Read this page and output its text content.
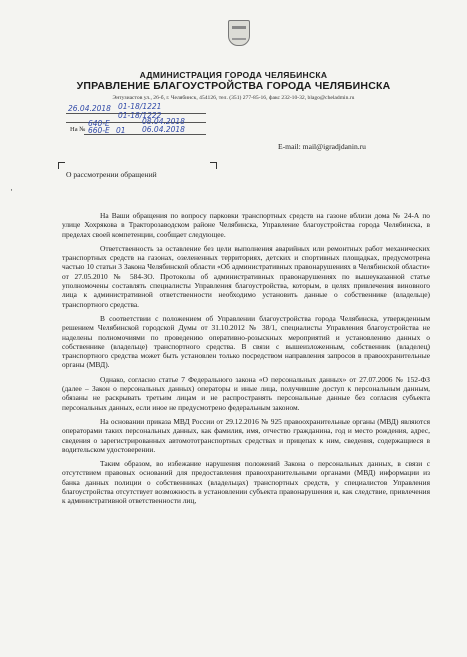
АДМИНИСТРАЦИЯ ГОРОДА ЧЕЛЯБИНСКА
УПРАВЛЕНИЕ БЛАГОУСТРОЙСТВА ГОРОДА ЧЕЛЯБИНСКА
Энтузиастов ул., 26-б, г. Челябинск, 454126, тел. (351) 277-85-16, факс 232-10-32, blago@cheladmin.ru
26.04.2018 01-18/1221
01-18/1222
640-Е	08.04.2018
На № 660-Е 01 06.04.2018
E-mail: mail@igradjdanin.ru
О рассмотрении обращений
·

На Ваши обращения по вопросу парковки транспортных средств на газоне вблизи дома № 24-А по улице Хохрякова в Тракторозаводском районе Челябинска, Управление благоустройства города Челябинска, в пределах своей компетенции, сообщает следующее.

Ответственность за оставление без цели выполнения аварийных или ремонтных работ механических транспортных средств на газонах, озелененных территориях, детских и спортивных площадках, предусмотрена частью 10 статьи 3 Закона Челябинской области «Об административных правонарушениях в Челябинской области» от 27.05.2010 № 584-ЗО. Протоколы об административных правонарушениях по вышеуказанной статье уполномочены составлять специалисты Управления благоустройства, которым, в целях привлечения виновного лица к административной ответственности необходимо установить данные о собственнике (владельце) транспортного средства.

В соответствии с положением об Управлении благоустройства города Челябинска, утвержденным решением Челябинской городской Думы от 31.10.2012 № 38/1, специалисты Управления благоустройства не наделены полномочиями по проведению оперативно-розыскных мероприятий и установлению данных о собственнике (владельце) транспортного средства. В связи с вышеизложенным, собственник (владелец) транспортного средства может быть установлен только посредством направления запросов в правоохранительные органы (МВД).

Однако, согласно статье 7 Федерального закона «О персональных данных» от 27.07.2006 № 152-ФЗ (далее – Закон о персональных данных) операторы и иные лица, получившие доступ к персональным данным, обязаны не раскрывать третьим лицам и не распространять персональные данные без согласия субъекта персональных данных, если иное не предусмотрено федеральным законом.

На основании приказа МВД России от 29.12.2016 № 925 правоохранительные органы (МВД) являются операторами таких персональных данных, как фамилия, имя, отчество гражданина, год и место рождения, адрес, сведения о зарегистрированных автомототранспортных средствах и прицепах к ним, сведения, содержащиеся в водительском удостоверении.

Таким образом, во избежание нарушения положений Закона о персональных данных, в связи с отсутствием правовых оснований для предоставления правоохранительными органами (МВД) информации из банка данных полиции о собственниках (владельцах) транспортных средств, у специалистов Управления благоустройства отсутствует возможность в установлении субъекта правонарушения и, как следствие, привлечения к административной ответственности лиц,
